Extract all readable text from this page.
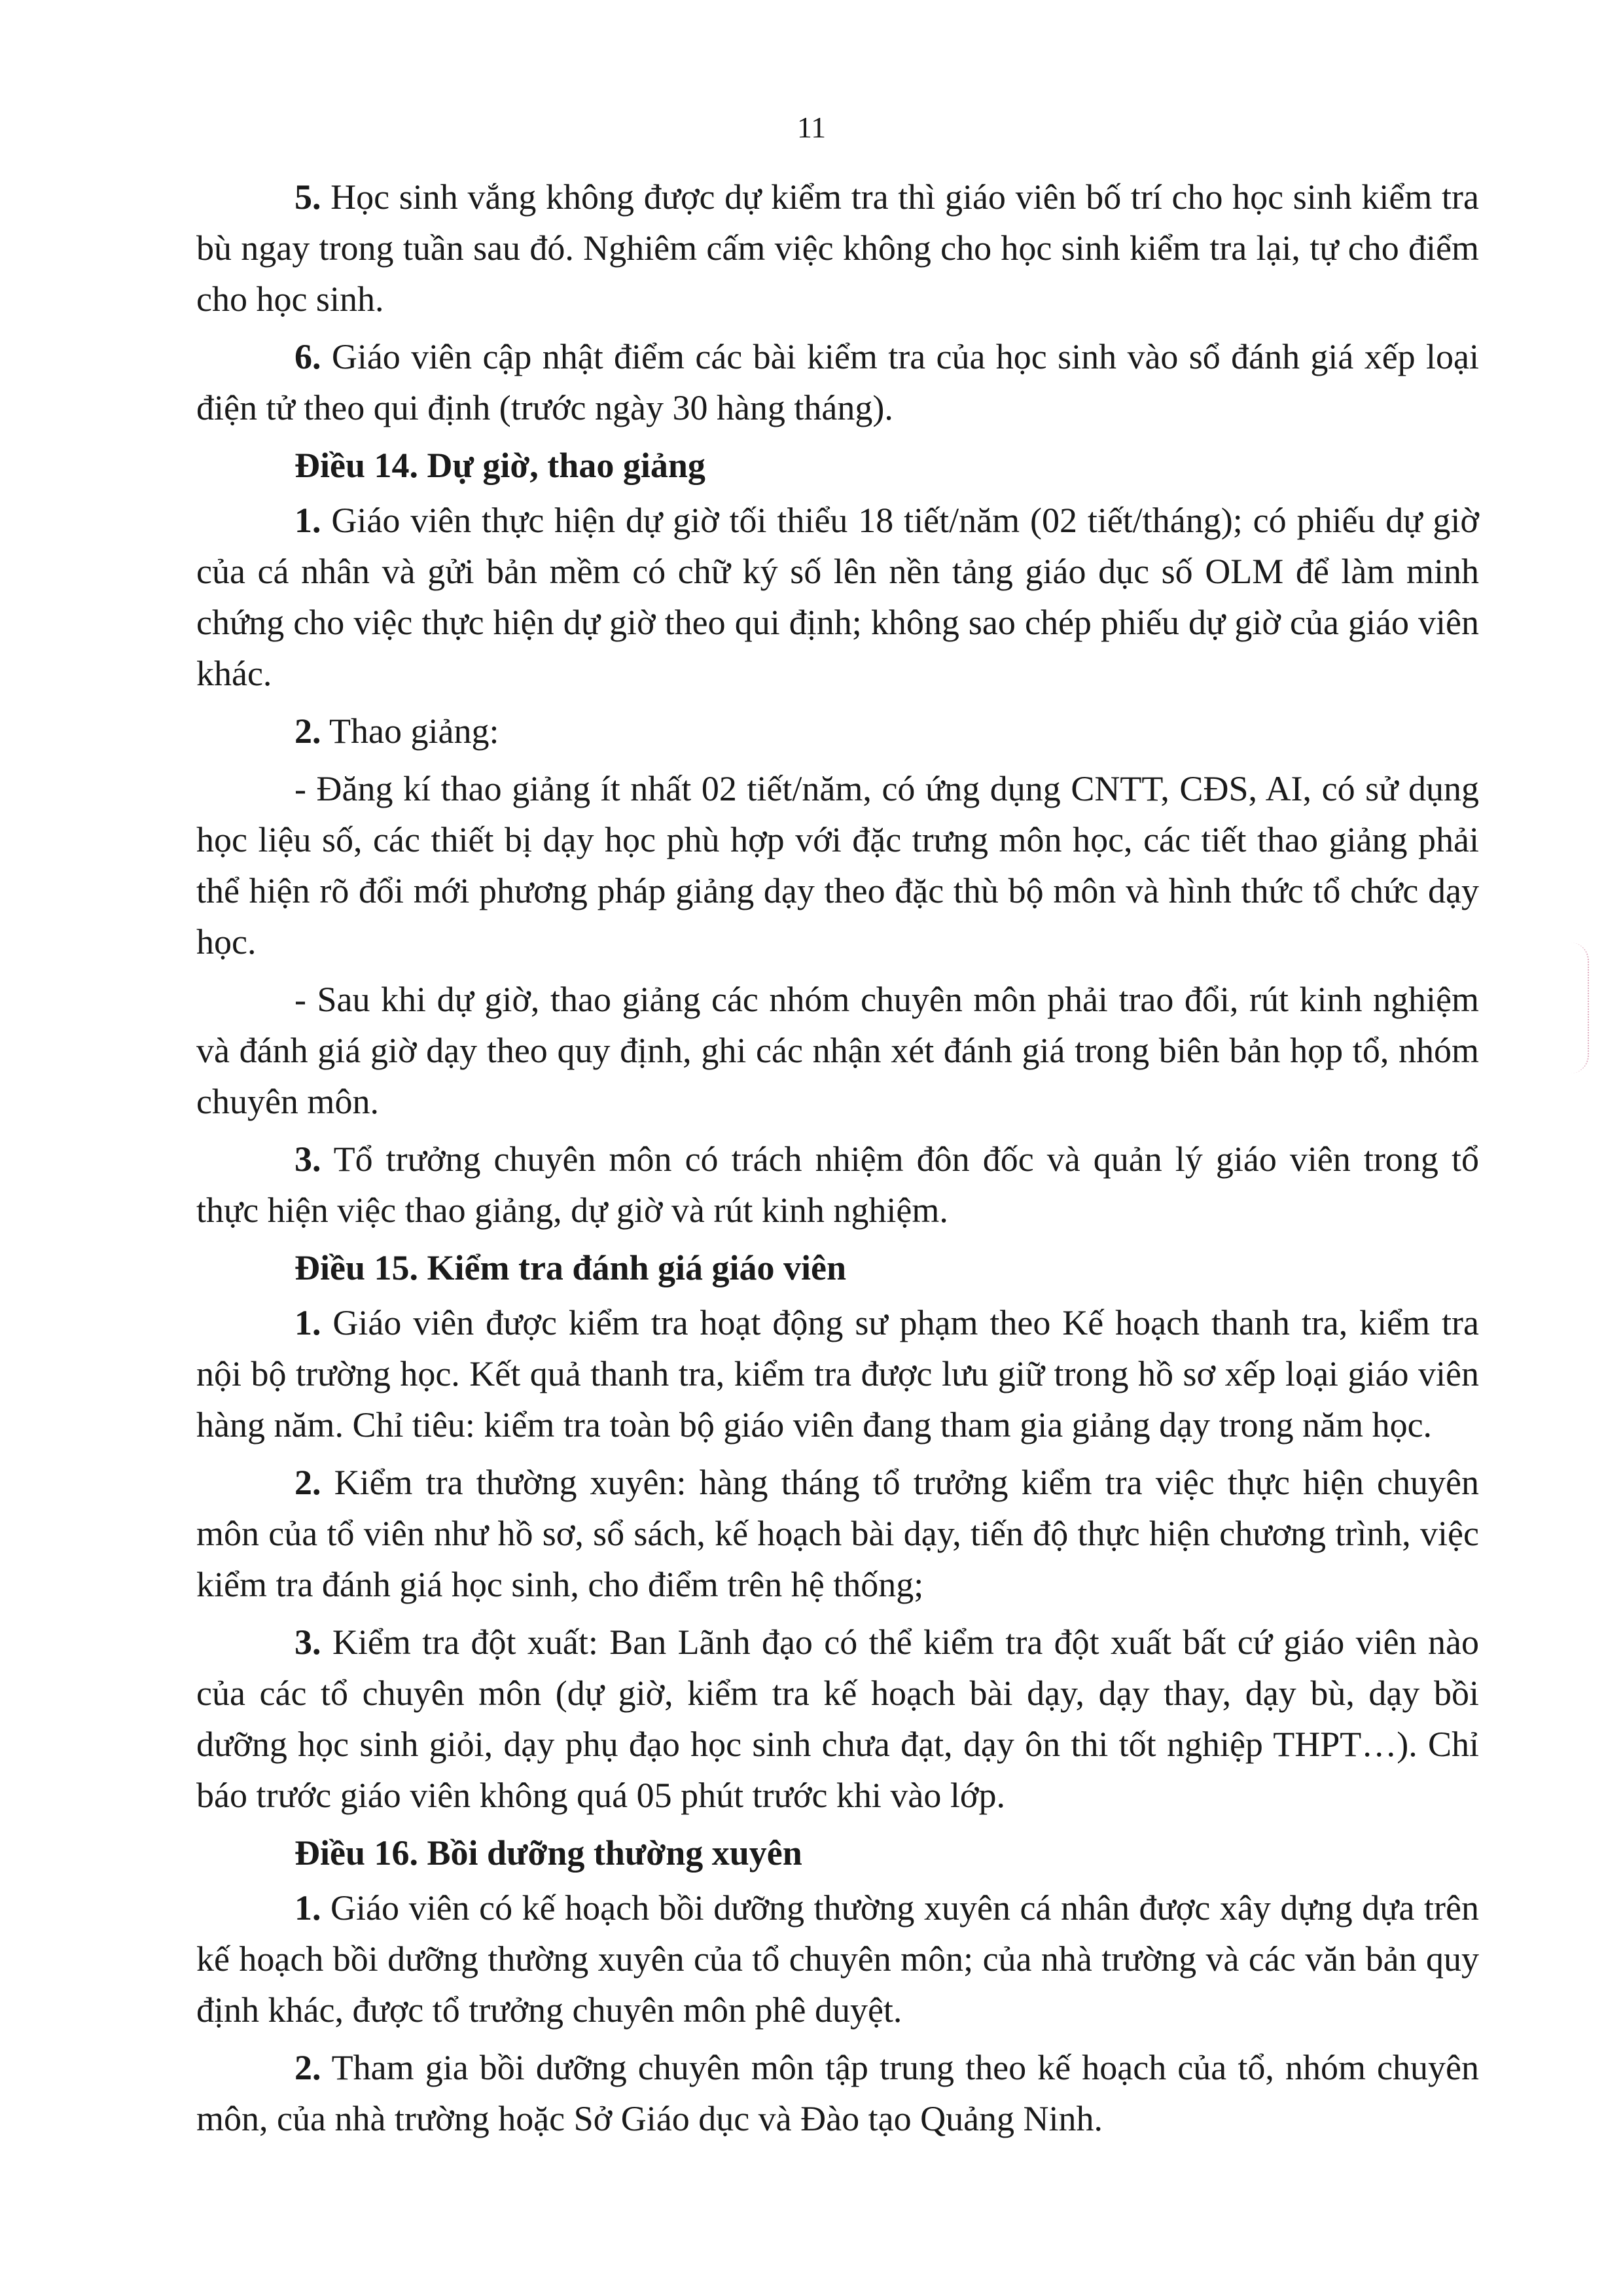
11

5. Học sinh vắng không được dự kiểm tra thì giáo viên bố trí cho học sinh kiểm tra bù ngay trong tuần sau đó. Nghiêm cấm việc không cho học sinh kiểm tra lại, tự cho điểm cho học sinh.

6. Giáo viên cập nhật điểm các bài kiểm tra của học sinh vào sổ đánh giá xếp loại điện tử theo qui định (trước ngày 30 hàng tháng).

Điều 14. Dự giờ, thao giảng

1. Giáo viên thực hiện dự giờ tối thiểu 18 tiết/năm (02 tiết/tháng); có phiếu dự giờ của cá nhân và gửi bản mềm có chữ ký số lên nền tảng giáo dục số OLM để làm minh chứng cho việc thực hiện dự giờ theo qui định; không sao chép phiếu dự giờ của giáo viên khác.

2. Thao giảng:

- Đăng kí thao giảng ít nhất 02 tiết/năm, có ứng dụng CNTT, CĐS, AI, có sử dụng học liệu số, các thiết bị dạy học phù hợp với đặc trưng môn học, các tiết thao giảng phải thể hiện rõ đổi mới phương pháp giảng dạy theo đặc thù bộ môn và hình thức tổ chức dạy học.

- Sau khi dự giờ, thao giảng các nhóm chuyên môn phải trao đổi, rút kinh nghiệm và đánh giá giờ dạy theo quy định, ghi các nhận xét đánh giá trong biên bản họp tổ, nhóm chuyên môn.

3. Tổ trưởng chuyên môn có trách nhiệm đôn đốc và quản lý giáo viên trong tổ thực hiện việc thao giảng, dự giờ và rút kinh nghiệm.

Điều 15. Kiểm tra đánh giá giáo viên

1. Giáo viên được kiểm tra hoạt động sư phạm theo Kế hoạch thanh tra, kiểm tra nội bộ trường học. Kết quả thanh tra, kiểm tra được lưu giữ trong hồ sơ xếp loại giáo viên hàng năm. Chỉ tiêu: kiểm tra toàn bộ giáo viên đang tham gia giảng dạy trong năm học.

2. Kiểm tra thường xuyên: hàng tháng tổ trưởng kiểm tra việc thực hiện chuyên môn của tổ viên như hồ sơ, sổ sách, kế hoạch bài dạy, tiến độ thực hiện chương trình, việc kiểm tra đánh giá học sinh, cho điểm trên hệ thống;

3. Kiểm tra đột xuất: Ban Lãnh đạo có thể kiểm tra đột xuất bất cứ giáo viên nào của các tổ chuyên môn (dự giờ, kiểm tra kế hoạch bài dạy, dạy thay, dạy bù, dạy bồi dưỡng học sinh giỏi, dạy phụ đạo học sinh chưa đạt, dạy ôn thi tốt nghiệp THPT…). Chỉ báo trước giáo viên không quá 05 phút trước khi vào lớp.

Điều 16. Bồi dưỡng thường xuyên

1. Giáo viên có kế hoạch bồi dưỡng thường xuyên cá nhân được xây dựng dựa trên kế hoạch bồi dưỡng thường xuyên của tổ chuyên môn; của nhà trường và các văn bản quy định khác, được tổ trưởng chuyên môn phê duyệt.

2. Tham gia bồi dưỡng chuyên môn tập trung theo kế hoạch của tổ, nhóm chuyên môn, của nhà trường hoặc Sở Giáo dục và Đào tạo Quảng Ninh.
